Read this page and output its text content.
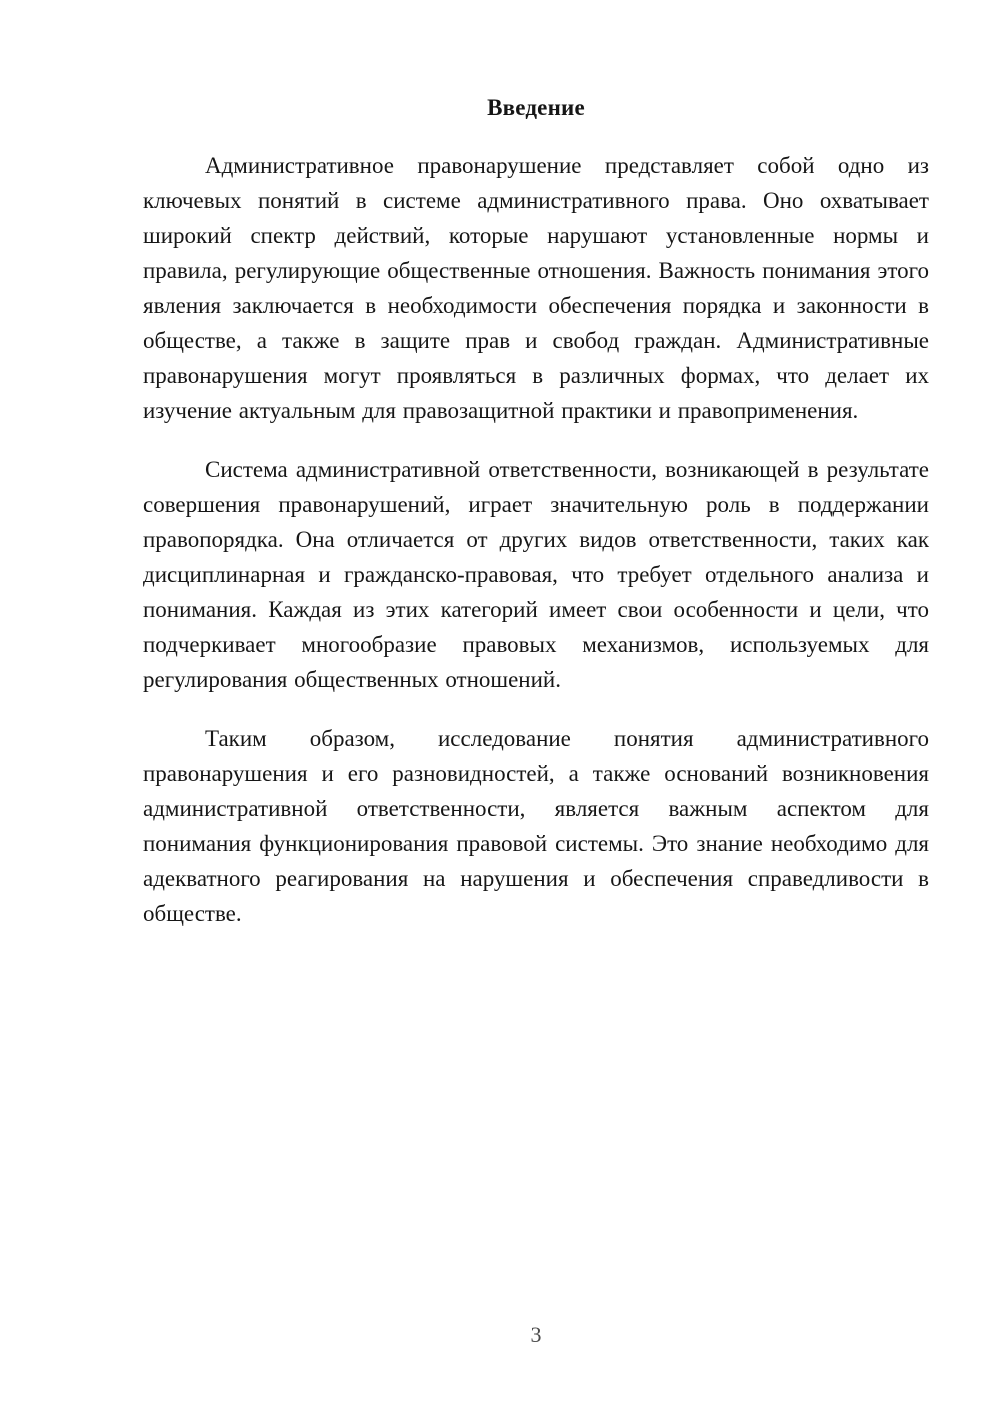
Введение

Административное правонарушение представляет собой одно из ключевых понятий в системе административного права. Оно охватывает широкий спектр действий, которые нарушают установленные нормы и правила, регулирующие общественные отношения. Важность понимания этого явления заключается в необходимости обеспечения порядка и законности в обществе, а также в защите прав и свобод граждан. Административные правонарушения могут проявляться в различных формах, что делает их изучение актуальным для правозащитной практики и правоприменения.

Система административной ответственности, возникающей в результате совершения правонарушений, играет значительную роль в поддержании правопорядка. Она отличается от других видов ответственности, таких как дисциплинарная и гражданско-правовая, что требует отдельного анализа и понимания. Каждая из этих категорий имеет свои особенности и цели, что подчеркивает многообразие правовых механизмов, используемых для регулирования общественных отношений.

Таким образом, исследование понятия административного правонарушения и его разновидностей, а также оснований возникновения административной ответственности, является важным аспектом для понимания функционирования правовой системы. Это знание необходимо для адекватного реагирования на нарушения и обеспечения справедливости в обществе.

3
